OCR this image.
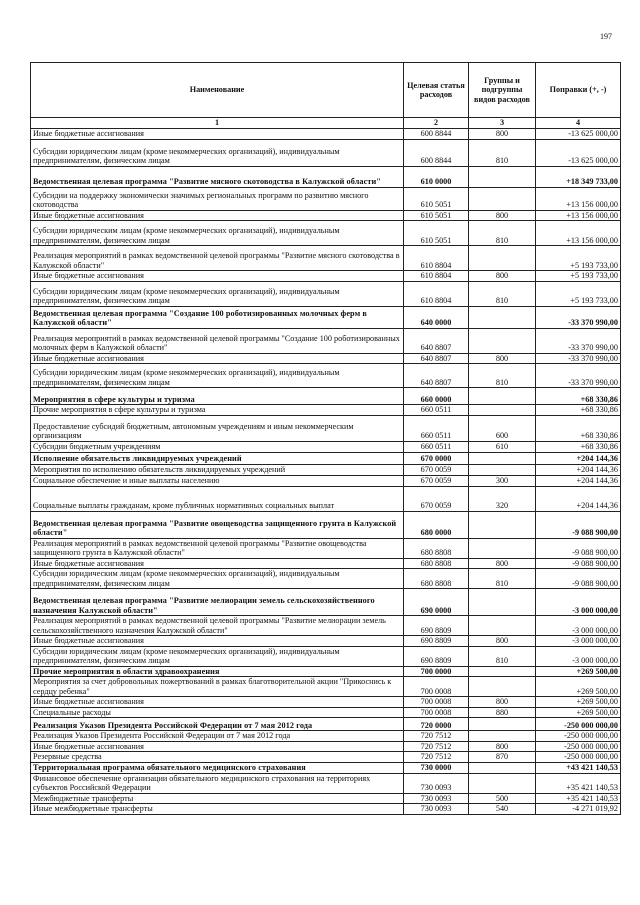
197
Наименование	Целевая статья расходов	Группы и подгруппы видов расходов	Поправки (+, -)
1	2	3	4
Иные бюджетные ассигнования	600 8844	800	-13 625 000,00
Субсидии юридическим лицам (кроме некоммерческих организаций), индивидуальным предпринимателям, физическим лицам	600 8844	810	-13 625 000,00
Ведомственная целевая программа "Развитие мясного скотоводства в Калужской области"	610 0000		+18 349 733,00
Субсидии на поддержку экономически значимых региональных программ по развитию мясного скотоводства	610 5051		+13 156 000,00
Иные бюджетные ассигнования	610 5051	800	+13 156 000,00
Субсидии юридическим лицам (кроме некоммерческих организаций), индивидуальным предпринимателям, физическим лицам	610 5051	810	+13 156 000,00
Реализация мероприятий в рамках ведомственной целевой программы "Развитие мясного скотоводства в Калужской области"	610 8804		+5 193 733,00
Иные бюджетные ассигнования	610 8804	800	+5 193 733,00
Субсидии юридическим лицам (кроме некоммерческих организаций), индивидуальным предпринимателям, физическим лицам	610 8804	810	+5 193 733,00
Ведомственная целевая программа "Создание 100 роботизированных молочных ферм в Калужской области"	640 0000		-33 370 990,00
Реализация мероприятий в рамках ведомственной целевой программы "Создание 100 роботизированных молочных ферм в Калужской области"	640 8807		-33 370 990,00
Иные бюджетные ассигнования	640 8807	800	-33 370 990,00
Субсидии юридическим лицам (кроме некоммерческих организаций), индивидуальным предпринимателям, физическим лицам	640 8807	810	-33 370 990,00
Мероприятия в сфере культуры и туризма	660 0000		+68 330,86
Прочие мероприятия в сфере культуры и туризма	660 0511		+68 330,86
Предоставление субсидий бюджетным, автономным учреждениям и иным некоммерческим организациям	660 0511	600	+68 330,86
Субсидии бюджетным учреждениям	660 0511	610	+68 330,86
Исполнение обязательств ликвидируемых учреждений	670 0000		+204 144,36
Мероприятия по исполнению обязательств ликвидируемых учреждений	670 0059		+204 144,36
Социальное обеспечение и иные выплаты населению	670 0059	300	+204 144,36
Социальные выплаты гражданам, кроме публичных нормативных социальных выплат	670 0059	320	+204 144,36
Ведомственная целевая программа "Развитие овощеводства защищенного грунта в Калужской области"	680 0000		-9 088 900,00
Реализация мероприятий в рамках ведомственной целевой программы "Развитие овощеводства защищенного грунта в Калужской области"	680 8808		-9 088 900,00
Иные бюджетные ассигнования	680 8808	800	-9 088 900,00
Субсидии юридическим лицам (кроме некоммерческих организаций), индивидуальным предпринимателям, физическим лицам	680 8808	810	-9 088 900,00
Ведомственная целевая программа "Развитие мелиорации земель сельскохозяйственного назначения Калужской области"	690 0000		-3 000 000,00
Реализация мероприятий в рамках ведомственной целевой программы "Развитие мелиорации земель сельскохозяйственного назначения Калужской области"	690 8809		-3 000 000,00
Иные бюджетные ассигнования	690 8809	800	-3 000 000,00
Субсидии юридическим лицам (кроме некоммерческих организаций), индивидуальным предпринимателям, физическим лицам	690 8809	810	-3 000 000,00
Прочие мероприятия в области здравоохранения	700 0000		+269 500,00
Мероприятия за счет добровольных пожертвований в рамках благотворительной акции "Прикоснись к сердцу ребенка"	700 0008		+269 500,00
Иные бюджетные ассигнования	700 0008	800	+269 500,00
Специальные расходы	700 0008	880	+269 500,00
Реализация Указов Президента Российской Федерации от 7 мая 2012 года	720 0000		-250 000 000,00
Реализация Указов Президента Российской Федерации от 7 мая 2012 года	720 7512		-250 000 000,00
Иные бюджетные ассигнования	720 7512	800	-250 000 000,00
Резервные средства	720 7512	870	-250 000 000,00
Территориальная программа обязательного медицинского страхования	730 0000		+43 421 140,53
Финансовое обеспечение организации обязательного медицинского страхования на территориях субъектов Российской Федерации	730 0093		+35 421 140,53
Межбюджетные трансферты	730 0093	500	+35 421 140,53
Иные межбюджетные трансферты	730 0093	540	-4 271 019,92
